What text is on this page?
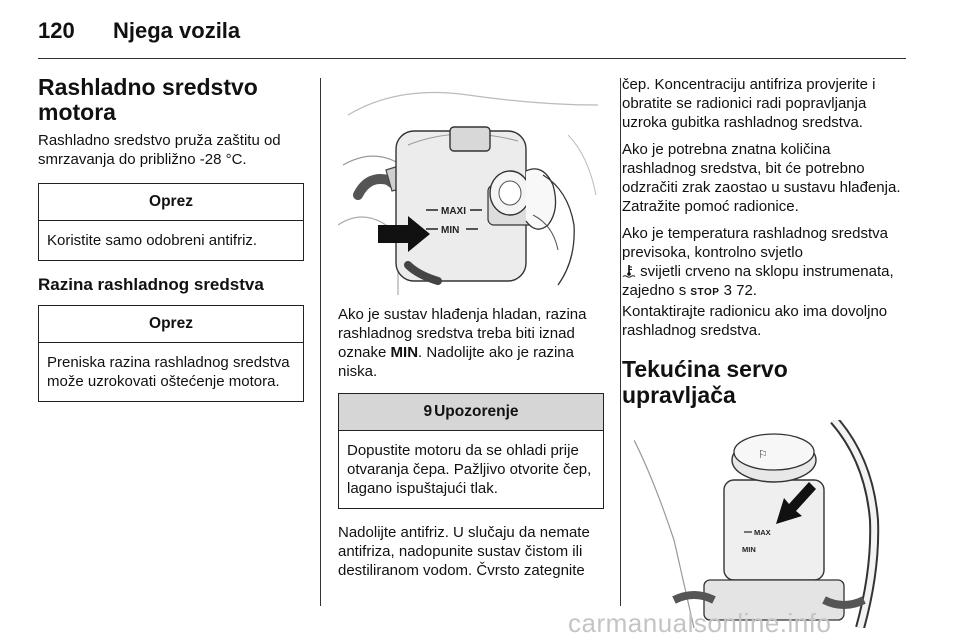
120 Njega vozila
Rashladno sredstvo motora

Rashladno sredstvo pruža zaštitu od smrzavanja do približno -28 °C.

Oprez
Koristite samo odobreni antifriz.
Razina rashladnog sredstva
Oprez
Preniska razina rashladnog sredstva može uzrokovati oštećenje motora.
MAXI
MIN

Ako je sustav hlađenja hladan, razina rashladnog sredstva treba biti iznad oznake MIN. Nadolijte ako je razina niska.

9 Upozorenje
Dopustite motoru da se ohladi prije otvaranja čepa. Pažljivo otvorite čep, lagano ispuštajući tlak.

Nadolijte antifriz. U slučaju da nemate antifriza, nadopunite sustav čistom ili destiliranom vodom. Čvrsto zategnite

čep. Koncentraciju antifriza provjerite i obratite se radionici radi popravljanja uzroka gubitka rashladnog sredstva.

Ako je potrebna znatna količina rashladnog sredstva, bit će potrebno odzračiti zrak zaostao u sustavu hlađenja. Zatražite pomoć radionice.

Ako je temperatura rashladnog sredstva previsoka, kontrolno svjetlo
svijetli crveno na sklopu instrumenata, zajedno s STOP 3 72.

Kontaktirajte radionicu ako ima dovoljno rashladnog sredstva.

Tekućina servo upravljača
⚐
MAX
MIN
carmanualsonline.info
